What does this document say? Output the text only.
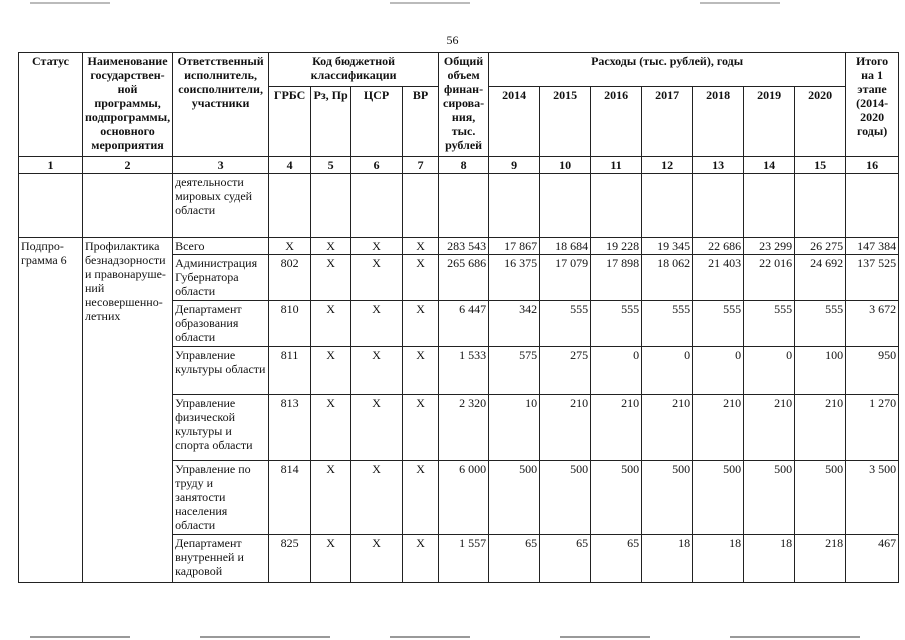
56
Статус	Наименование государствен- ной программы, подпрограммы, основного мероприятия	Ответственный исполнитель, соисполнители, участники	Код бюджетной классификации				Общий объем финан- сирова- ния, тыс. рублей	Расходы (тыс. рублей), годы							Итого на 1 этапе (2014- 2020 годы)
			ГРБС	Рз, Пр	ЦСР	ВР		2014	2015	2016	2017	2018	2019	2020	
1	2	3	4	5	6	7	8	9	10	11	12	13	14	15	16
		деятельности мировых судей области													
Подпро- грамма 6	Профилактика безнадзорности и правонаруше- ний несовершенно- летних	Всего	X	X	X	X	283 543	17 867	18 684	19 228	19 345	22 686	23 299	26 275	147 384
		Администрация Губернатора области	802	X	X	X	265 686	16 375	17 079	17 898	18 062	21 403	22 016	24 692	137 525
		Департамент образования области	810	X	X	X	6 447	342	555	555	555	555	555	555	3 672
		Управление культуры области	811	X	X	X	1 533	575	275	0	0	0	0	100	950
		Управление физической культуры и спорта области	813	X	X	X	2 320	10	210	210	210	210	210	210	1 270
		Управление по труду и занятости населения области	814	X	X	X	6 000	500	500	500	500	500	500	500	3 500
		Департамент внутренней и кадровой	825	X	X	X	1 557	65	65	65	18	18	18	218	467
